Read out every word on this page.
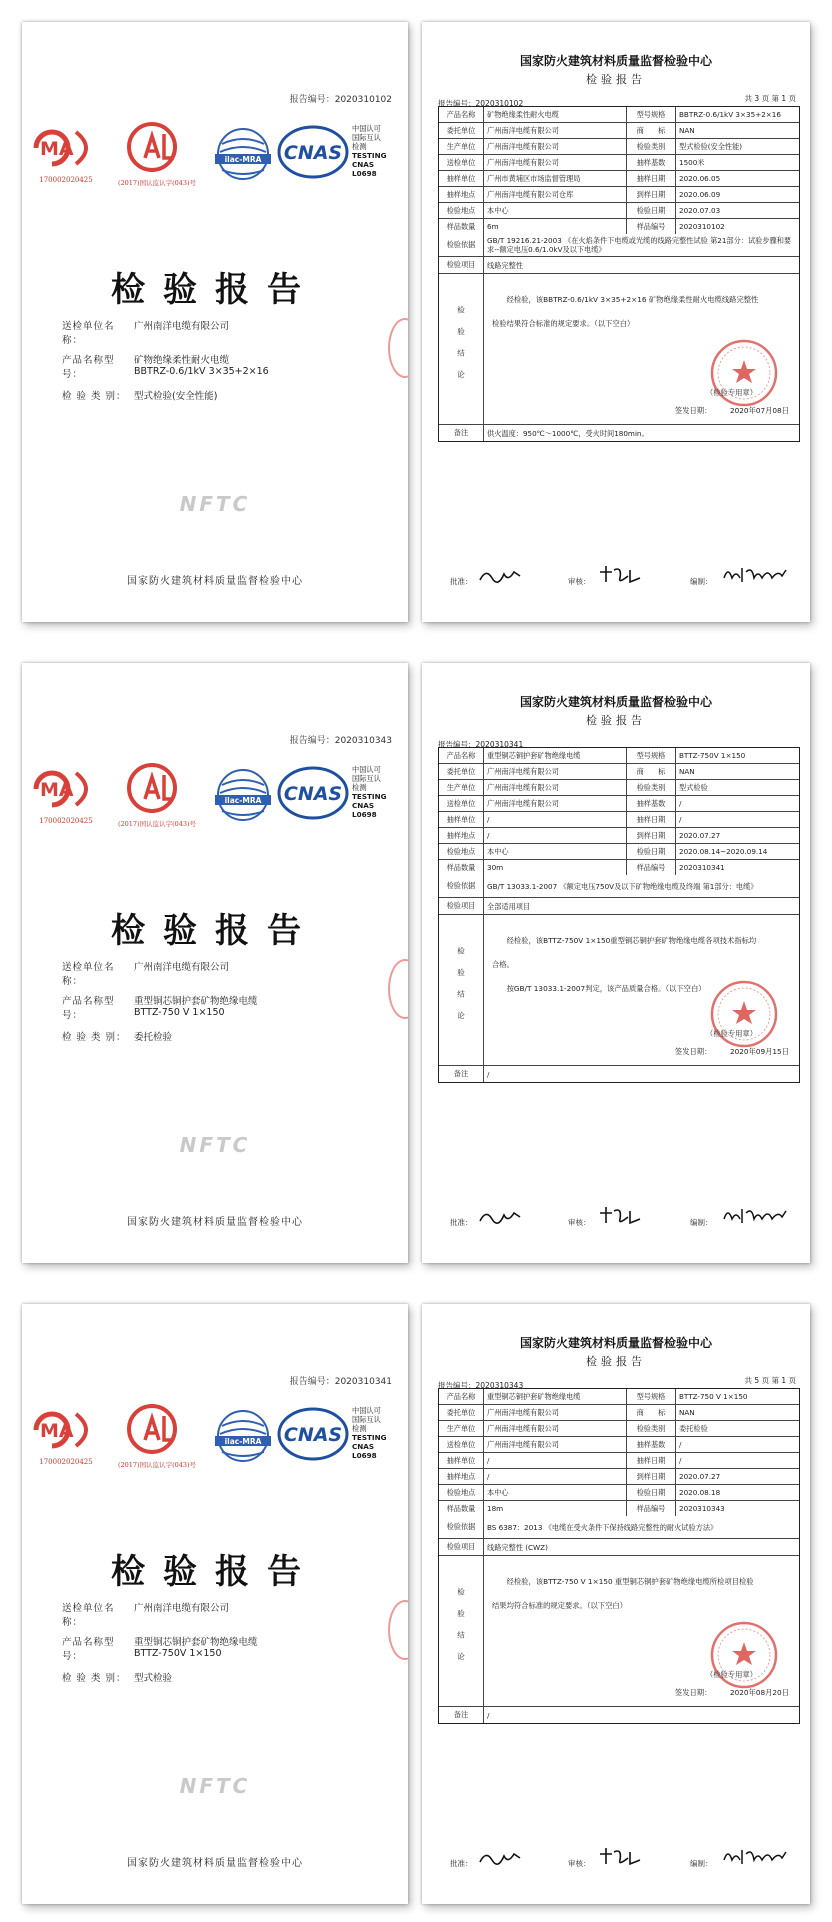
报告编号：2020310102
MA
170002020425	(2017)国认监认字(043)号
ilac-MRA CNAS
中国认可
国际互认
检测
TESTING
CNAS L0698
检验报告
送检单位名称：广州南洋电缆有限公司
产品名称型号：矿物绝缘柔性耐火电缆
BBTRZ-0.6/1kV 3×35+2×16
检 验 类 别： 型式检验(安全性能)
NFTC
国家防火建筑材料质量监督检验中心
国家防火建筑材料质量监督检验中心
检验报告
报告编号：2020310102
共 3 页 第 1 页
产品名称	矿物绝缘柔性耐火电缆	型号规格	BBTRZ-0.6/1kV 3×35+2×16
委托单位	广州南洋电缆有限公司	商　　标	NAN
生产单位	广州南洋电缆有限公司	检验类别	型式检验(安全性能)
送检单位	广州南洋电缆有限公司	抽样基数	1500米
抽样单位	广州市黄埔区市场监督管理局	抽样日期	2020.06.05
抽样地点	广州南洋电缆有限公司仓库	到样日期	2020.06.09
检验地点	本中心	检验日期	2020.07.03
样品数量	6m	样品编号	2020310102
检验依据	GB/T 19216.21-2003 《在火焰条件下电缆或光缆的线路完整性试验 第21部分：试验步骤和要求--额定电压0.6/1.0kV及以下电缆》
检验项目	线路完整性
检验结论
经检验，该BBTRZ-0.6/1kV 3×35+2×16 矿物绝缘柔性耐火电缆线路完整性
检验结果符合标准的规定要求。（以下空白）
（检验专用章）
签发日期：	2020年07月08日
备注	供火温度：950℃～1000℃，受火时间180min。
批准：	审核：	编制：
报告编号：2020310343
MA
170002020425	(2017)国认监认字(043)号
ilac-MRA CNAS
中国认可
国际互认
检测
TESTING
CNAS L0698
检验报告
送检单位名称：广州南洋电缆有限公司
产品名称型号：重型铜芯铜护套矿物绝缘电缆
BTTZ-750 V 1×150
检 验 类 别： 委托检验
NFTC
国家防火建筑材料质量监督检验中心
国家防火建筑材料质量监督检验中心
检验报告
报告编号：2020310341
产品名称	重型铜芯铜护套矿物绝缘电缆	型号规格	BTTZ-750V 1×150
委托单位	广州南洋电缆有限公司	商　　标	NAN
生产单位	广州南洋电缆有限公司	检验类别	型式检验
送检单位	广州南洋电缆有限公司	抽样基数	/
抽样单位	/	抽样日期	/
抽样地点	/	到样日期	2020.07.27
检验地点	本中心	检验日期	2020.08.14~2020.09.14
样品数量	30m	样品编号	2020310341
检验依据	GB/T 13033.1-2007 《额定电压750V及以下矿物绝缘电缆及终端 第1部分：电缆》
检验项目	全部适用项目
检验结论
经检验，该BTTZ-750V 1×150重型铜芯铜护套矿物绝缘电缆各项技术指标均
合格。
按GB/T 13033.1-2007判定，该产品质量合格。（以下空白）
（检验专用章）
签发日期：	2020年09月15日
备注	/
批准：	审核：	编制：
报告编号：2020310341
MA
170002020425	(2017)国认监认字(043)号
ilac-MRA CNAS
中国认可
国际互认
检测
TESTING
CNAS L0698
检验报告
送检单位名称：广州南洋电缆有限公司
产品名称型号：重型铜芯铜护套矿物绝缘电缆
BTTZ-750V 1×150
检 验 类 别： 型式检验
NFTC
国家防火建筑材料质量监督检验中心
国家防火建筑材料质量监督检验中心
检验报告
报告编号：2020310343
共 5 页 第 1 页
产品名称	重型铜芯铜护套矿物绝缘电缆	型号规格	BTTZ-750 V 1×150
委托单位	广州南洋电缆有限公司	商　　标	NAN
生产单位	广州南洋电缆有限公司	检验类别	委托检验
送检单位	广州南洋电缆有限公司	抽样基数	/
抽样单位	/	抽样日期	/
抽样地点	/	到样日期	2020.07.27
检验地点	本中心	检验日期	2020.08.18
样品数量	18m	样品编号	2020310343
检验依据	BS 6387：2013 《电缆在受火条件下保持线路完整性的耐火试验方法》
检验项目	线路完整性 (CWZ)
检验结论
经检验，该BTTZ-750 V 1×150 重型铜芯铜护套矿物绝缘电缆所检项目检验
结果均符合标准的规定要求。（以下空白）
（检验专用章）
签发日期：	2020年08月20日
备注	/
批准：	审核：	编制：
